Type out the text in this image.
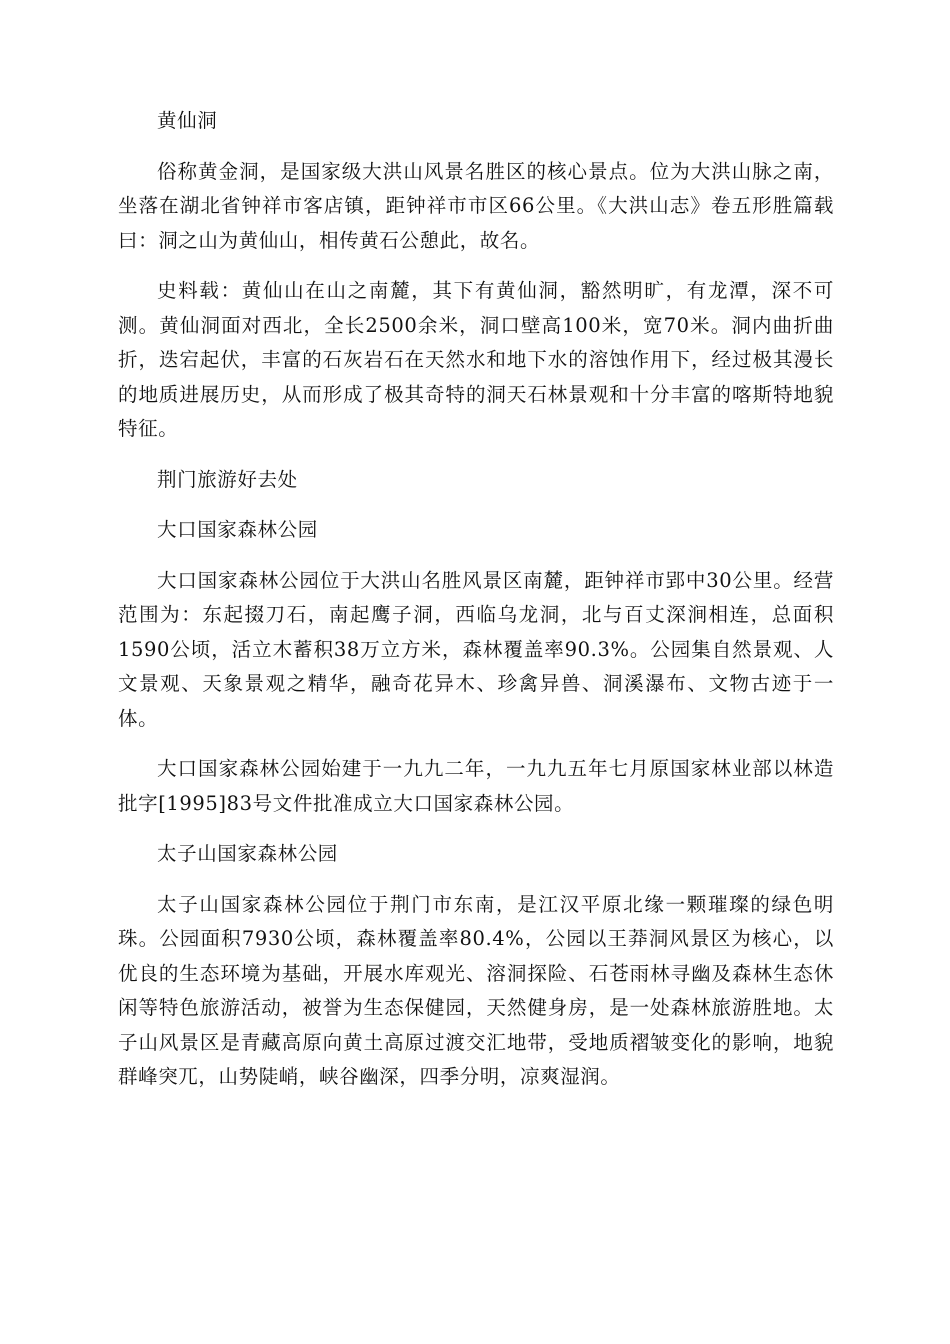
黄仙洞

俗称黄金洞，是国家级大洪山风景名胜区的核心景点。位为大洪山脉之南，坐落在湖北省钟祥市客店镇，距钟祥市市区66公里。《大洪山志》卷五形胜篇载曰：洞之山为黄仙山，相传黄石公憩此，故名。

史料载：黄仙山在山之南麓，其下有黄仙洞，豁然明旷，有龙潭，深不可测。黄仙洞面对西北，全长2500余米，洞口壁高100米，宽70米。洞内曲折曲折，迭宕起伏，丰富的石灰岩石在天然水和地下水的溶蚀作用下，经过极其漫长的地质进展历史，从而形成了极其奇特的洞天石林景观和十分丰富的喀斯特地貌特征。

荆门旅游好去处
大口国家森林公园

大口国家森林公园位于大洪山名胜风景区南麓，距钟祥市郢中30公里。经营范围为：东起掇刀石，南起鹰子洞，西临乌龙洞，北与百丈深涧相连，总面积1590公顷，活立木蓄积38万立方米，森林覆盖率90.3%。公园集自然景观、人文景观、天象景观之精华，融奇花异木、珍禽异兽、洞溪瀑布、文物古迹于一体。

大口国家森林公园始建于一九九二年，一九九五年七月原国家林业部以林造批字[1995]83号文件批准成立大口国家森林公园。

太子山国家森林公园

太子山国家森林公园位于荆门市东南，是江汉平原北缘一颗璀璨的绿色明珠。公园面积7930公顷，森林覆盖率80.4%，公园以王莽洞风景区为核心，以优良的生态环境为基础，开展水库观光、溶洞探险、石苍雨林寻幽及森林生态休闲等特色旅游活动，被誉为生态保健园，天然健身房，是一处森林旅游胜地。太子山风景区是青藏高原向黄土高原过渡交汇地带，受地质褶皱变化的影响，地貌群峰突兀，山势陡峭，峡谷幽深，四季分明，凉爽湿润。
